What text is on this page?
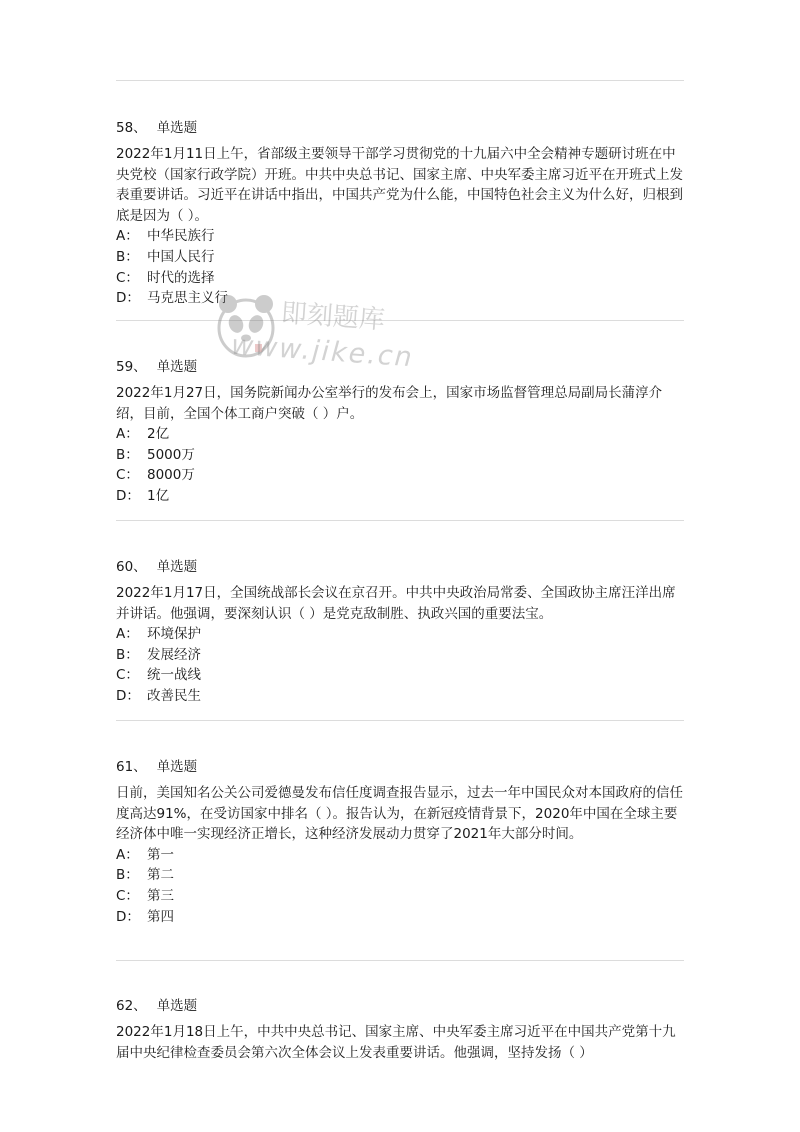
58、 单选题

2022年1月11日上午，省部级主要领导干部学习贯彻党的十九届六中全会精神专题研讨班在中央党校（国家行政学院）开班。中共中央总书记、国家主席、中央军委主席习近平在开班式上发表重要讲话。习近平在讲话中指出，中国共产党为什么能，中国特色社会主义为什么好，归根到底是因为（ ）。

A： 中华民族行
B： 中国人民行
C： 时代的选择
D： 马克思主义行
59、 单选题

2022年1月27日，国务院新闻办公室举行的发布会上，国家市场监督管理总局副局长蒲淳介绍，目前，全国个体工商户突破（ ）户。

A： 2亿
B： 5000万
C： 8000万
D： 1亿
60、 单选题

2022年1月17日，全国统战部长会议在京召开。中共中央政治局常委、全国政协主席汪洋出席并讲话。他强调，要深刻认识（ ）是党克敌制胜、执政兴国的重要法宝。

A： 环境保护
B： 发展经济
C： 统一战线
D： 改善民生
61、 单选题

日前，美国知名公关公司爱德曼发布信任度调查报告显示，过去一年中国民众对本国政府的信任度高达91%，在受访国家中排名（ ）。报告认为，在新冠疫情背景下，2020年中国在全球主要经济体中唯一实现经济正增长，这种经济发展动力贯穿了2021年大部分时间。

A： 第一
B： 第二
C： 第三
D： 第四
62、 单选题

2022年1月18日上午，中共中央总书记、国家主席、中央军委主席习近平在中国共产党第十九届中央纪律检查委员会第六次全体会议上发表重要讲话。他强调，坚持发扬（ ）

即刻题库
www.jike.cn
